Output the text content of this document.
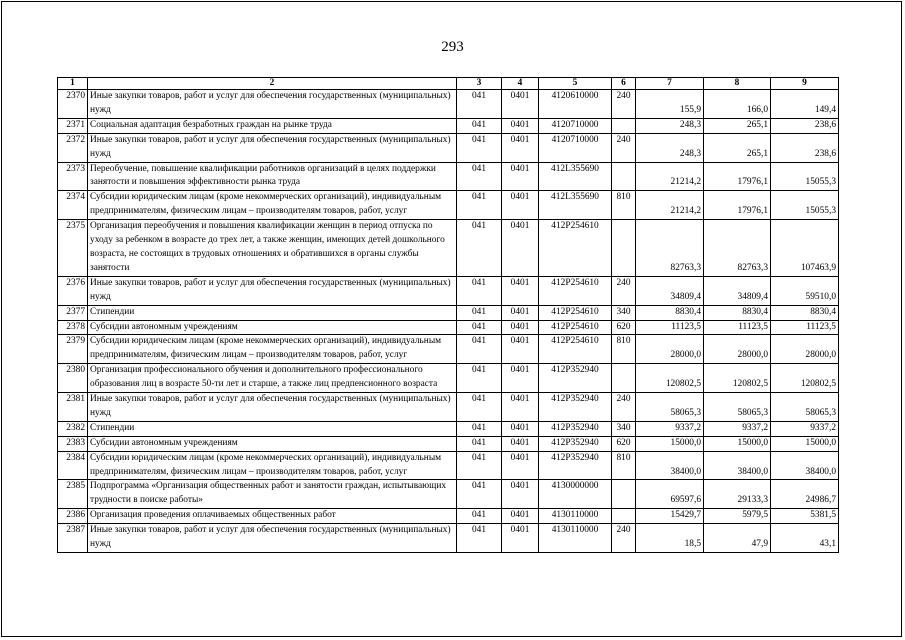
293
1	2	3	4	5	6	7	8	9
2370	Иные закупки товаров, работ и услуг для обеспечения государственных (муниципальных) нужд	041	0401	4120610000	240	155,9	166,0	149,4
2371	Социальная адаптация безработных граждан на рынке труда	041	0401	4120710000		248,3	265,1	238,6
2372	Иные закупки товаров, работ и услуг для обеспечения государственных (муниципальных) нужд	041	0401	4120710000	240	248,3	265,1	238,6
2373	Переобучение, повышение квалификации работников организаций в целях поддержки занятости и повышения эффективности рынка труда	041	0401	412L355690		21214,2	17976,1	15055,3
2374	Субсидии юридическим лицам (кроме некоммерческих организаций), индивидуальным предпринимателям, физическим лицам – производителям товаров, работ, услуг	041	0401	412L355690	810	21214,2	17976,1	15055,3
2375	Организация переобучения и повышения квалификации женщин в период отпуска по уходу за ребенком в возрасте до трех лет, а также женщин, имеющих детей дошкольного возраста, не состоящих в трудовых отношениях и обратившихся в органы службы занятости	041	0401	412P254610		82763,3	82763,3	107463,9
2376	Иные закупки товаров, работ и услуг для обеспечения государственных (муниципальных) нужд	041	0401	412P254610	240	34809,4	34809,4	59510,0
2377	Стипендии	041	0401	412P254610	340	8830,4	8830,4	8830,4
2378	Субсидии автономным учреждениям	041	0401	412P254610	620	11123,5	11123,5	11123,5
2379	Субсидии юридическим лицам (кроме некоммерческих организаций), индивидуальным предпринимателям, физическим лицам – производителям товаров, работ, услуг	041	0401	412P254610	810	28000,0	28000,0	28000,0
2380	Организация профессионального обучения и дополнительного профессионального образования лиц в возрасте 50-ти лет и старше, а также лиц предпенсионного возраста	041	0401	412P352940		120802,5	120802,5	120802,5
2381	Иные закупки товаров, работ и услуг для обеспечения государственных (муниципальных) нужд	041	0401	412P352940	240	58065,3	58065,3	58065,3
2382	Стипендии	041	0401	412P352940	340	9337,2	9337,2	9337,2
2383	Субсидии автономным учреждениям	041	0401	412P352940	620	15000,0	15000,0	15000,0
2384	Субсидии юридическим лицам (кроме некоммерческих организаций), индивидуальным предпринимателям, физическим лицам – производителям товаров, работ, услуг	041	0401	412P352940	810	38400,0	38400,0	38400,0
2385	Подпрограмма «Организация общественных работ и занятости граждан, испытывающих трудности в поиске работы»	041	0401	4130000000		69597,6	29133,3	24986,7
2386	Организация проведения оплачиваемых общественных работ	041	0401	4130110000		15429,7	5979,5	5381,5
2387	Иные закупки товаров, работ и услуг для обеспечения государственных (муниципальных) нужд	041	0401	4130110000	240	18,5	47,9	43,1
